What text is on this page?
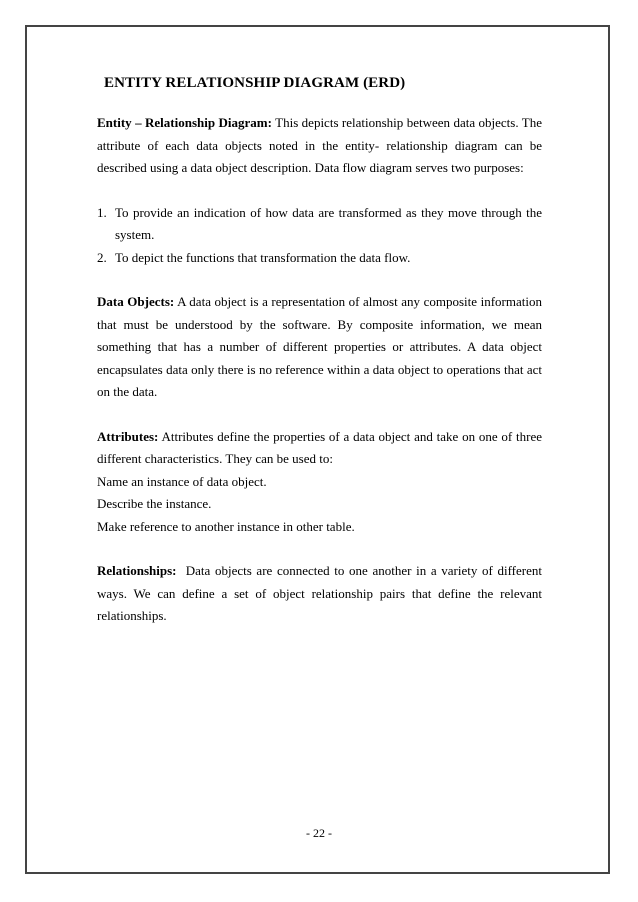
ENTITY RELATIONSHIP DIAGRAM (ERD)

Entity – Relationship Diagram: This depicts relationship between data objects. The attribute of each data objects noted in the entity- relationship diagram can be described using a data object description. Data flow diagram serves two purposes:

1. To provide an indication of how data are transformed as they move through the system.
2. To depict the functions that transformation the data flow.

Data Objects: A data object is a representation of almost any composite information that must be understood by the software. By composite information, we mean something that has a number of different properties or attributes. A data object encapsulates data only there is no reference within a data object to operations that act on the data.

Attributes: Attributes define the properties of a data object and take on one of three different characteristics. They can be used to:

Name an instance of data object.

Describe the instance.

Make reference to another instance in other table.

Relationships:  Data objects are connected to one another in a variety of different ways. We can define a set of object relationship pairs that define the relevant relationships.

- 22 -
